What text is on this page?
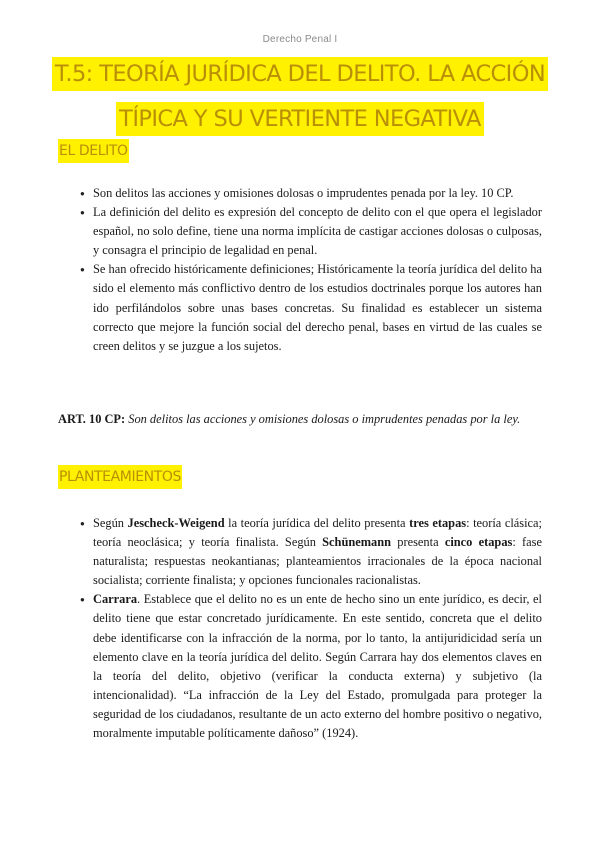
Derecho Penal I
T.5: TEORÍA JURÍDICA DEL DELITO. LA ACCIÓN TÍPICA Y SU VERTIENTE NEGATIVA
EL DELITO
● Son delitos las acciones y omisiones dolosas o imprudentes penada por la ley. 10 CP.
● La definición del delito es expresión del concepto de delito con el que opera el legislador español, no solo define, tiene una norma implícita de castigar acciones dolosas o culposas, y consagra el principio de legalidad en penal.
● Se han ofrecido históricamente definiciones; Históricamente la teoría jurídica del delito ha sido el elemento más conflictivo dentro de los estudios doctrinales porque los autores han ido perfilándolos sobre unas bases concretas. Su finalidad es establecer un sistema correcto que mejore la función social del derecho penal, bases en virtud de las cuales se creen delitos y se juzgue a los sujetos.

ART. 10 CP: Son delitos las acciones y omisiones dolosas o imprudentes penadas por la ley.

PLANTEAMIENTOS
● Según Jescheck-Weigend la teoría jurídica del delito presenta tres etapas: teoría clásica; teoría neoclásica; y teoría finalista. Según Schünemann presenta cinco etapas: fase naturalista; respuestas neokantianas; planteamientos irracionales de la época nacional socialista; corriente finalista; y opciones funcionales racionalistas.
● Carrara. Establece que el delito no es un ente de hecho sino un ente jurídico, es decir, el delito tiene que estar concretado jurídicamente. En este sentido, concreta que el delito debe identificarse con la infracción de la norma, por lo tanto, la antijuridicidad sería un elemento clave en la teoría jurídica del delito. Según Carrara hay dos elementos claves en la teoría del delito, objetivo (verificar la conducta externa) y subjetivo (la intencionalidad). “La infracción de la Ley del Estado, promulgada para proteger la seguridad de los ciudadanos, resultante de un acto externo del hombre positivo o negativo, moralmente imputable políticamente dañoso” (1924).
